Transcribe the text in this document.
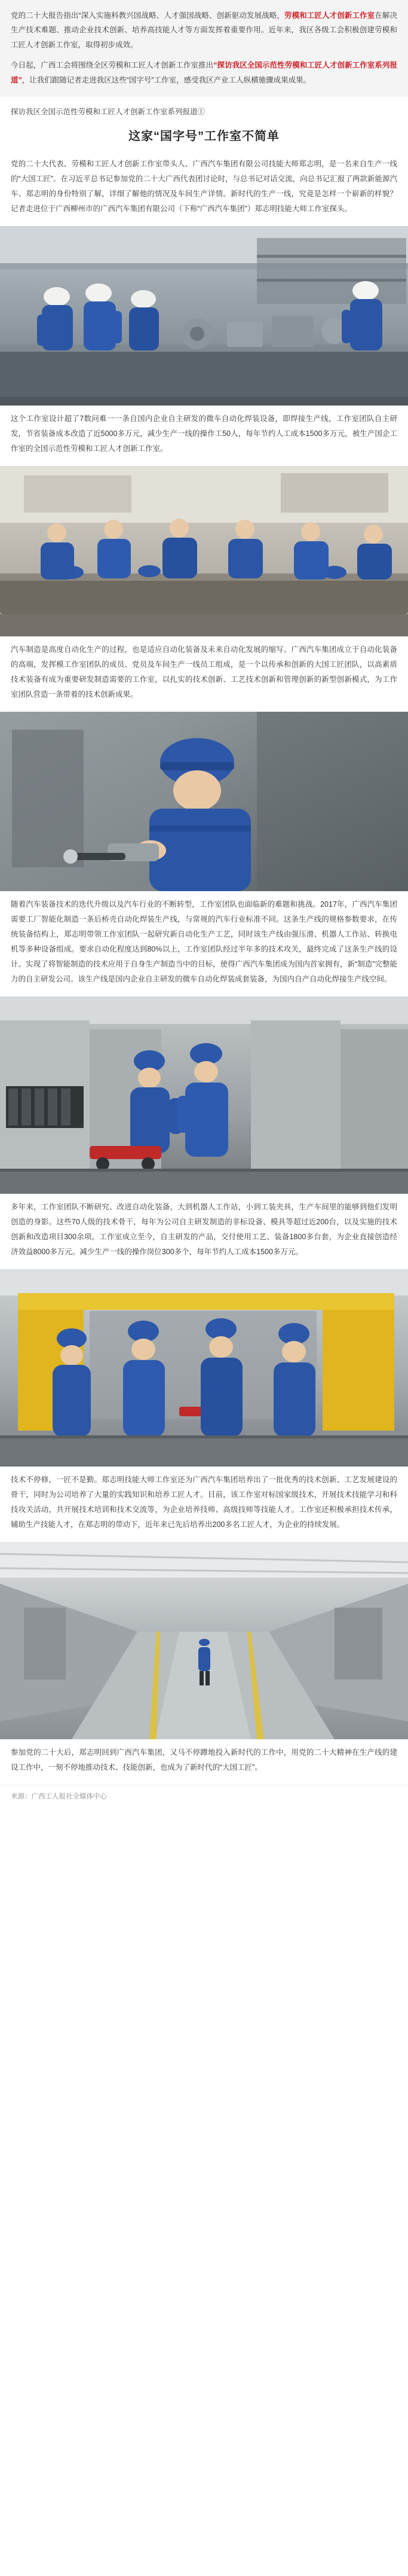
党的二十大报告指出“深入实施科教兴国战略、人才强国战略、创新驱动发展战略，劳模和工匠人才创新工作室在解决生产技术难题、推动企业技术创新、培养高技能人才等方面发挥着重要作用。近年来，我区各级工会积极创建劳模和工匠人才创新工作室，取得初步成效。

今日起，广西工会将围绕全区劳模和工匠人才创新工作室推出“探访我区全国示范性劳模和工匠人才创新工作室系列报道”，让我们跟随记者走进我区这些“国字号”工作室，感受我区产业工人纵横驰骤成果成果。

探访我区全国示范性劳模和工匠人才创新工作室系列报道①
这家“国字号”工作室不简单

党的二十大代表、劳模和工匠人才创新工作室带头人、广西汽车集团有限公司技能大师郑志明，是一名来自生产一线的“大国工匠”。在习近平总书记参加党的二十大广西代表团讨论时，与总书记对话交流，向总书记汇报了两款新能源汽车、郑志明的身份特别了解，详细了解他的情况及车间生产详情。新时代的生产一线，究竟是怎样一个崭新的样貌？记者走进位于广西柳州市的广西汽车集团有限公司（下称“广西汽车集团”）郑志明技能大师工作室探头。

这个工作室设计超了7数问难一一条自国内企业自主研发的微车自动化焊装设备，即焊接生产线，工作室团队自主研发，节省装备成本改造了近5000多万元，减少生产一线的操作工50人，每年节约人工成本1500多万元，被生产国企工作室的全国示范性劳模和工匠人才创新工作室。

汽车制造是高度自动化生产的过程，也是适应自动化装备及未来自动化发展的缩写。广西汽车集团成立于自动化装备的高端，发挥模工作室团队的成员、党员及车间生产一线员工组成，是一个以传承和创新的大国工匠团队，以高素质技术装备有成为重要研发制造需要的工作室，以扎实的技术创新、工艺技术创新和管理创新的新型创新模式，为工作室团队营造一条带着的技术创新成果。

随着汽车装备技术的迭代升级以及汽车行业的不断转型，工作室团队也面临新的难题和挑战。2017年，广西汽车集团需要工厂智能化制造一条后桥壳自动化焊装生产线，与常规的汽车行业标准不同。这条生产线的规格参数要求，在传统装备结构上，郑志明带领工作室团队一起研究新自动化生产工艺，同时该生产线由强压滑、机器人工作站、转换电机等多种设备组成。要求自动化程度达到80%以上，工作室团队经过半年多的技术攻关，最终完成了这条生产线的设计。实现了将智能制造的技术应用于自身生产制造当中的目标，使得广西汽车集团成为国内首家拥有，新“制造”完整能力的自主研发公司。该生产线是国内企业自主研发的微车自动化焊装成套装备，为国内自产自动化焊接生产线空间。

多年来，工作室团队不断研究、改进自动化装备，大到机器人工作站，小到工装夹具，生产车间里的能够到他们发明创造的身影。这些70人级的技术骨干，每年为公司自主研发制造的非标设备、模具等超过近200台，以及实施的技术创新和改造项目300余项。工作室成立至今，自主研发的产品，交付使用工艺、装备1800多台套，为企业直接创造经济效益8000多万元。减少生产一线的操作岗位300多个，每年节约人工成本1500多万元。

技术不停修，一匠不是勤。郑志明技能大师工作室还为广西汽车集团培养出了一批优秀的技术创新、工艺发展建设的骨干，同时为公司培养了大量的实践知识和培养工匠人才。目前，该工作室对标国家级技术，开展技术技能学习和科技攻关活动，共开展技术培训和技术交流等，为企业培养技师、高级技师等技能人才。工作室还积极承担技术传承，辅助生产技能人才，在郑志明的带动下，近年来已先后培养出200多名工匠人才，为企业的持续发展。

参加党的二十大后，郑志明回到广西汽车集团，又马不停蹲地投入新时代的工作中，用党的二十大精神在生产线的建设工作中，一刻不停地推动技术、技能创新，也成为了新时代的“大国工匠”。

来源：广西工人报社全媒体中心
